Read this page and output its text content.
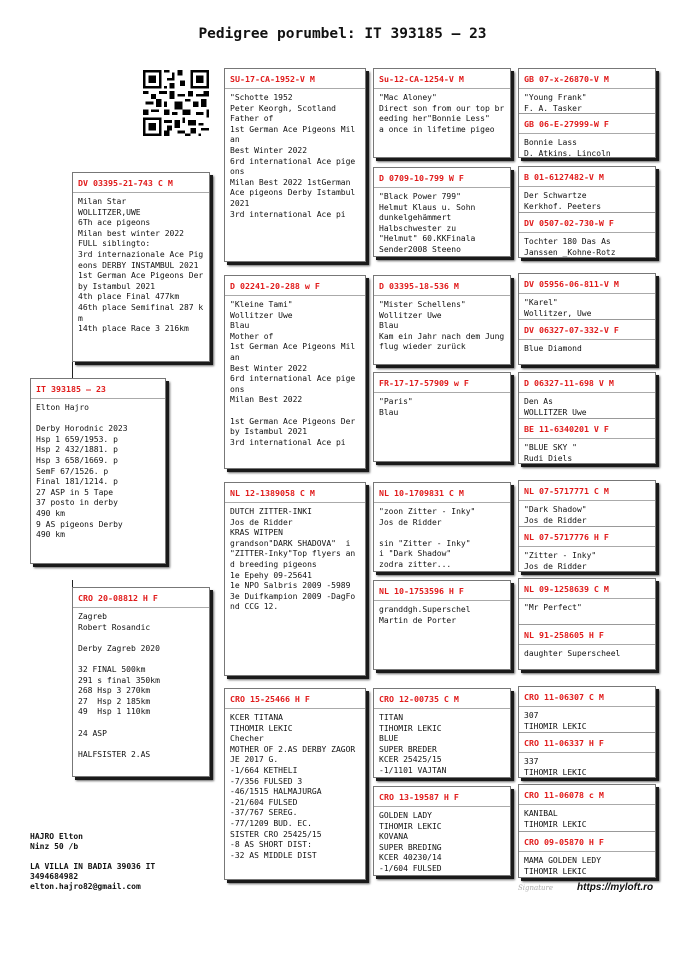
Pedigree porumbel: IT 393185 – 23
IT 393185 – 23
Elton Hajro

Derby Horodnic 2023
Hsp 1 659/1953. p
Hsp 2 432/1881. p
Hsp 3 658/1669. p
SemF 67/1526. p
Final 181/1214. p
27 ASP in 5 Tape
37 posto in derby
490 km
9 AS pigeons Derby
490 km
DV 03395-21-743 C M
Milan Star
WOLLITZER,UWE
6Th ace pigeons
Milan best winter 2022
FULL siblingto:
3rd internazionale Ace Pigeons DERBY INSTAMBUL 2021
1st German Ace Pigeons Derby Istambul 2021
4th place Final 477km
46th place Semifinal 287 km
14th place Race 3 216km
CRO 20-08812 H F
Zagreb
Robert Rosandic

Derby Zagreb 2020

32 FINAL 500km
291 s final 350km
268 Hsp 3 270km
27  Hsp 2 185km
49  Hsp 1 110km

24 ASP

HALFSISTER 2.AS
SU-17-CA-1952-V M
"Schotte 1952
Peter Keorgh, Scotland
Father of
1st German Ace Pigeons Milan
Best Winter 2022
6rd international Ace pigeons
Milan Best 2022 1stGerman
Ace pigeons Derby Istambul
2021
3rd international Ace pi
D 02241-20-288 w F
"Kleine Tami"
Wollitzer Uwe
Blau
Mother of
1st German Ace Pigeons Milan
Best Winter 2022
6rd international Ace pigeons
Milan Best 2022

1st German Ace Pigeons Derby Istambul 2021
3rd international Ace pi
NL 12-1389058 C M
DUTCH ZITTER-INKI
Jos de Ridder
KRAS WITPEN
grandson"DARK SHADOVA"  i "ZITTER-Inky"Top flyers and breeding pigeons
1e Epehy 09-25641
1e NPO Salbris 2009 -5989
3e Duifkampion 2009 -DagFond CCG 12.
CRO 15-25466 H F
KCER TITANA
TIHOMIR LEKIC
Checher
MOTHER OF 2.AS DERBY ZAGORJE 2017 G.
-1/664 KETHELI
-7/356 FULSED 3
-46/1515 HALMAJURGA
-21/604 FULSED
-37/767 SEREG.
-77/1209 BUD. EC.
SISTER CRO 25425/15
-8 AS SHORT DIST:
-32 AS MIDDLE DIST
Su-12-CA-1254-V M
"Mac Aloney"
Direct son from our top breeding her"Bonnie Less"
a once in lifetime pigeo
D 0709-10-799 W F
"Black Power 799"
Helmut Klaus u. Sohn
dunkelgehämmert
Halbschwester zu
"Helmut" 60.KKFinala
Sender2008 Steeno
D 03395-18-536 M
"Mister Schellens"
Wollitzer Uwe
Blau
Kam ein Jahr nach dem Jungflug wieder zurück
FR-17-17-57909 w F
"Paris"
Blau
NL 10-1709831 C M
"zoon Zitter - Inky"
Jos de Ridder

sin "Zitter - Inky"
i "Dark Shadow"
zodra zitter...
NL 10-1753596 H F
granddgh.Superschel
Martin de Porter
CRO 12-00735 C M
TITAN
TIHOMIR LEKIC
BLUE
SUPER BREDER
KCER 25425/15
-1/1101 VAJTAN
CRO 13-19587 H F
GOLDEN LADY
TIHOMIR LEKIC
KOVANA
SUPER BREDING
KCER 40230/14
-1/604 FULSED
GB 07-x-26870-V M
"Young Frank"
F. A. Tasker
GB 06-E-27999-W F
Bonnie Lass
D. Atkins. Lincoln
B 01-6127482-V M
Der Schwartze
Kerkhof. Peeters
DV 0507-02-730-W F
Tochter 180 Das As
Janssen _Kohne-Rotz
DV 05956-06-811-V M
"Karel"
Wollitzer, Uwe
DV 06327-07-332-V F
Blue Diamond
D 06327-11-698 V M
Den As
WOLLITZER Uwe
BE 11-6340201 V F
"BLUE SKY "
Rudi Diels
NL 07-5717771 C M
"Dark Shadow"
Jos de Ridder
NL 07-5717776 H F
"Zitter - Inky"
Jos de Ridder
NL 09-1258639 C M
"Mr Perfect"
NL 91-258605 H F
daughter Superscheel
CRO 11-06307 C M
307
TIHOMIR LEKIC
CRO 11-06337 H F
337
TIHOMIR LEKIC
CRO 11-06078 c M
KANIBAL
TIHOMIR LEKIC
CRO 09-05870 H F
MAMA GOLDEN LEDY
TIHOMIR LEKIC
HAJRO Elton
Ninz 50 /b

LA VILLA IN BADIA 39036 IT
3494684982
elton.hajro82@gmail.com	Signature https://myloft.ro
